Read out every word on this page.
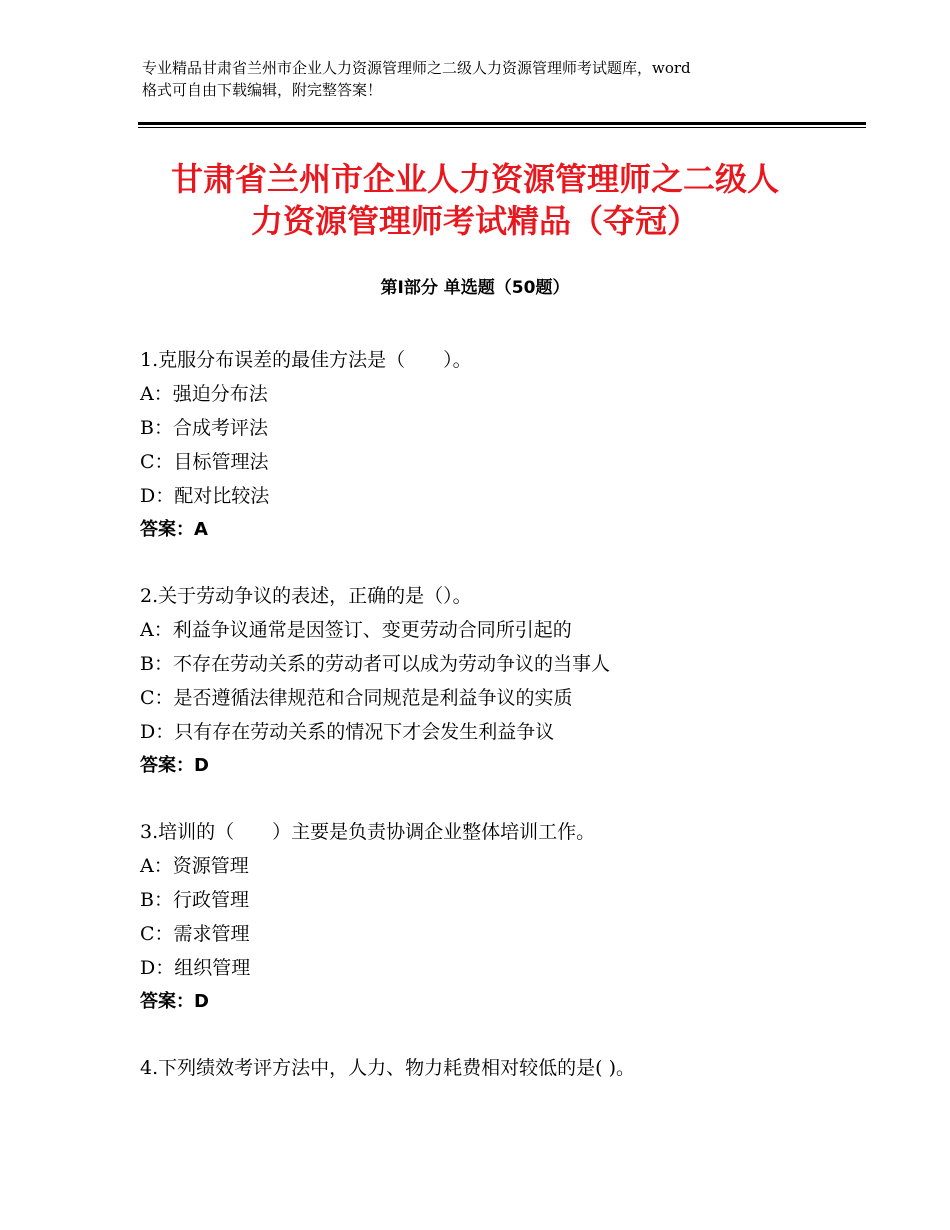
专业精品甘肃省兰州市企业人力资源管理师之二级人力资源管理师考试题库，word
格式可自由下载编辑，附完整答案！
甘肃省兰州市企业人力资源管理师之二级人
力资源管理师考试精品（夺冠）
第Ⅰ部分 单选题（50题）
1.克服分布误差的最佳方法是（　　）。
A：强迫分布法
B：合成考评法
C：目标管理法
D：配对比较法
答案：A
2.关于劳动争议的表述，正确的是（）。
A：利益争议通常是因签订、变更劳动合同所引起的
B：不存在劳动关系的劳动者可以成为劳动争议的当事人
C：是否遵循法律规范和合同规范是利益争议的实质
D：只有存在劳动关系的情况下才会发生利益争议
答案：D
3.培训的（　　）主要是负责协调企业整体培训工作。
A：资源管理
B：行政管理
C：需求管理
D：组织管理
答案：D
4.下列绩效考评方法中，人力、物力耗费相对较低的是( )。
